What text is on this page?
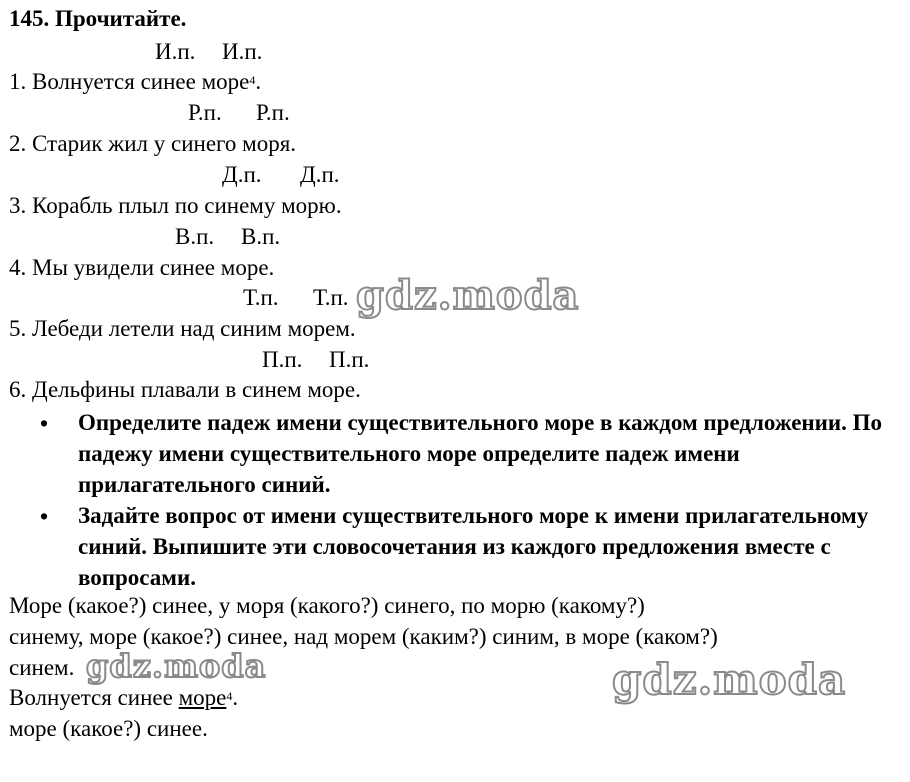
145. Прочитайте.
И.п. И.п.
1. Волнуется синее море$^4$.
Р.п. Р.п.
2. Старик жил у синего моря.
Д.п. Д.п.
3. Корабль плыл по синему морю.
В.п. В.п.
4. Мы увидели синее море.
Т.п. Т.п.
5. Лебеди летели над синим морем.
П.п. П.п.
6. Дельфины плавали в синем море.
• Определите падеж имени существительного море в каждом предложении. По падежу имени существительного море определите падеж имени прилагательного синий.
• Задайте вопрос от имени существительного море к имени прилагательному синий. Выпишите эти словосочетания из каждого предложения вместе с вопросами.
Море (какое?) синее, у моря (какого?) синего, по морю (какому?)
синему, море (какое?) синее, над морем (каким?) синим, в море (каком?)
синем.
Волнуется синее море$^4$.
море (какое?) синее.
gdz.moda
gdz.moda	gdz.moda
